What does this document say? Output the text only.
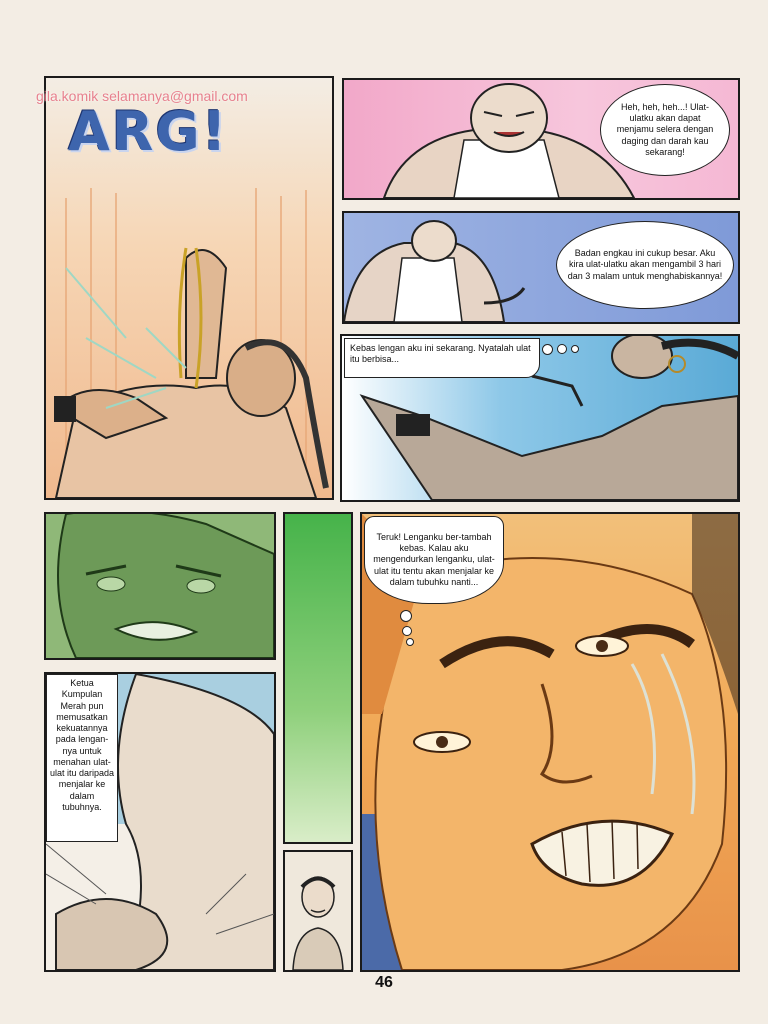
ARG!	Heh, heh, heh...! Ulat-ulatku akan dapat menjamu selera dengan daging dan darah kau sekarang!
Badan engkau ini cukup besar. Aku kira ulat-ulatku akan mengambil 3 hari dan 3 malam untuk menghabiskannya!
Kebas lengan aku ini sekarang. Nyatalah ulat itu berbisa...
Ketua Kumpulan Merah pun memusatkan kekuatannya pada lengan-nya untuk menahan ulat-ulat itu daripada menjalar ke dalam tubuhnya.
Teruk! Lenganku ber-tambah kebas. Kalau aku mengendurkan lenganku, ulat-ulat itu tentu akan menjalar ke dalam tubuhku nanti...
gila.komik selamanya@gmail.com
46
